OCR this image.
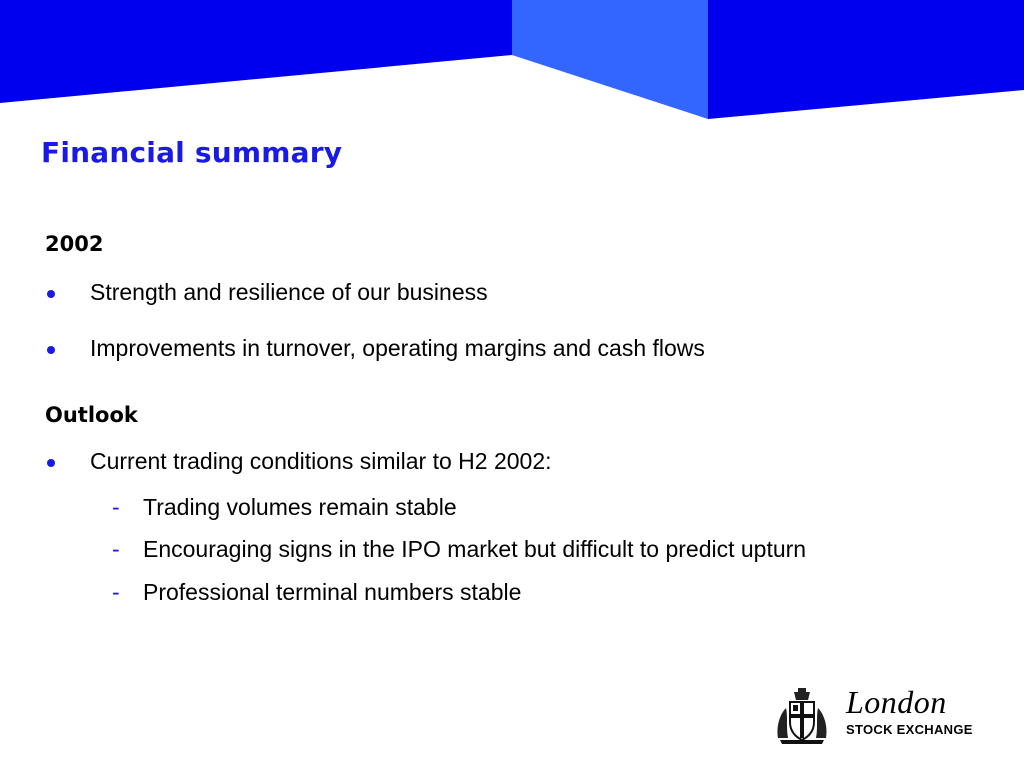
Financial summary
2002
Strength and resilience of our business
Improvements in turnover, operating margins and cash flows
Outlook
Current trading conditions similar to H2 2002:
- Trading volumes remain stable
- Encouraging signs in the IPO market but difficult to predict upturn
- Professional terminal numbers stable
London
STOCK EXCHANGE
